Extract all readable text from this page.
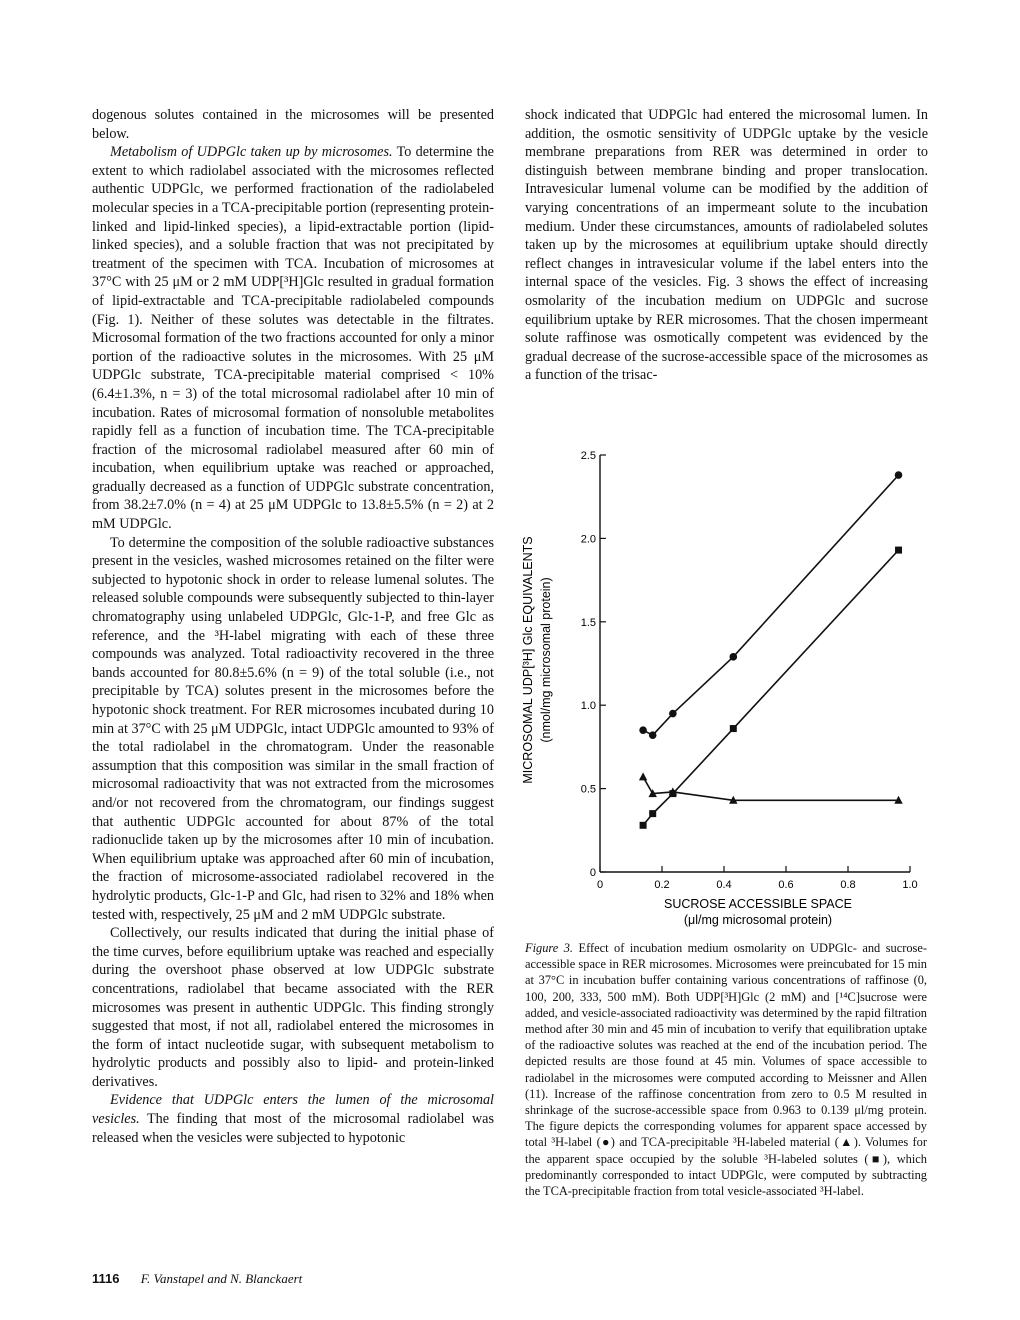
dogenous solutes contained in the microsomes will be presented below.

Metabolism of UDPGlc taken up by microsomes. To determine the extent to which radiolabel associated with the microsomes reflected authentic UDPGlc, we performed fractionation of the radiolabeled molecular species in a TCA-precipitable portion (representing protein-linked and lipid-linked species), a lipid-extractable portion (lipid-linked species), and a soluble fraction that was not precipitated by treatment of the specimen with TCA. Incubation of microsomes at 37°C with 25 μM or 2 mM UDP[³H]Glc resulted in gradual formation of lipid-extractable and TCA-precipitable radiolabeled compounds (Fig. 1). Neither of these solutes was detectable in the filtrates. Microsomal formation of the two fractions accounted for only a minor portion of the radioactive solutes in the microsomes. With 25 μM UDPGlc substrate, TCA-precipitable material comprised < 10% (6.4±1.3%, n = 3) of the total microsomal radiolabel after 10 min of incubation. Rates of microsomal formation of nonsoluble metabolites rapidly fell as a function of incubation time. The TCA-precipitable fraction of the microsomal radiolabel measured after 60 min of incubation, when equilibrium uptake was reached or approached, gradually decreased as a function of UDPGlc substrate concentration, from 38.2±7.0% (n = 4) at 25 μM UDPGlc to 13.8±5.5% (n = 2) at 2 mM UDPGlc.

To determine the composition of the soluble radioactive substances present in the vesicles, washed microsomes retained on the filter were subjected to hypotonic shock in order to release lumenal solutes. The released soluble compounds were subsequently subjected to thin-layer chromatography using unlabeled UDPGlc, Glc-1-P, and free Glc as reference, and the ³H-label migrating with each of these three compounds was analyzed. Total radioactivity recovered in the three bands accounted for 80.8±5.6% (n = 9) of the total soluble (i.e., not precipitable by TCA) solutes present in the microsomes before the hypotonic shock treatment. For RER microsomes incubated during 10 min at 37°C with 25 μM UDPGlc, intact UDPGlc amounted to 93% of the total radiolabel in the chromatogram. Under the reasonable assumption that this composition was similar in the small fraction of microsomal radioactivity that was not extracted from the microsomes and/or not recovered from the chromatogram, our findings suggest that authentic UDPGlc accounted for about 87% of the total radionuclide taken up by the microsomes after 10 min of incubation. When equilibrium uptake was approached after 60 min of incubation, the fraction of microsome-associated radiolabel recovered in the hydrolytic products, Glc-1-P and Glc, had risen to 32% and 18% when tested with, respectively, 25 μM and 2 mM UDPGlc substrate.

Collectively, our results indicated that during the initial phase of the time curves, before equilibrium uptake was reached and especially during the overshoot phase observed at low UDPGlc substrate concentrations, radiolabel that became associated with the RER microsomes was present in authentic UDPGlc. This finding strongly suggested that most, if not all, radiolabel entered the microsomes in the form of intact nucleotide sugar, with subsequent metabolism to hydrolytic products and possibly also to lipid- and protein-linked derivatives.

Evidence that UDPGlc enters the lumen of the microsomal vesicles. The finding that most of the microsomal radiolabel was released when the vesicles were subjected to hypotonic

shock indicated that UDPGlc had entered the microsomal lumen. In addition, the osmotic sensitivity of UDPGlc uptake by the vesicle membrane preparations from RER was determined in order to distinguish between membrane binding and proper translocation. Intravesicular lumenal volume can be modified by the addition of varying concentrations of an impermeant solute to the incubation medium. Under these circumstances, amounts of radiolabeled solutes taken up by the microsomes at equilibrium uptake should directly reflect changes in intravesicular volume if the label enters into the internal space of the vesicles. Fig. 3 shows the effect of increasing osmolarity of the incubation medium on UDPGlc and sucrose equilibrium uptake by RER microsomes. That the chosen impermeant solute raffinose was osmotically competent was evidenced by the gradual decrease of the sucrose-accessible space of the microsomes as a function of the trisac-

0
0.5
1.0
1.5
2.0
2.5
0	0.2	0.4	0.6	0.8	1.0
MICROSOMAL UDP[³H] Glc EQUIVALENTS (nmol/mg microsomal protein)
SUCROSE ACCESSIBLE SPACE
(μl/mg microsomal protein)
Figure 3. Effect of incubation medium osmolarity on UDPGlc- and sucrose-accessible space in RER microsomes. Microsomes were preincubated for 15 min at 37°C in incubation buffer containing various concentrations of raffinose (0, 100, 200, 333, 500 mM). Both UDP[³H]Glc (2 mM) and [¹⁴C]sucrose were added, and vesicle-associated radioactivity was determined by the rapid filtration method after 30 min and 45 min of incubation to verify that equilibration uptake of the radioactive solutes was reached at the end of the incubation period. The depicted results are those found at 45 min. Volumes of space accessible to radiolabel in the microsomes were computed according to Meissner and Allen (11). Increase of the raffinose concentration from zero to 0.5 M resulted in shrinkage of the sucrose-accessible space from 0.963 to 0.139 μl/mg protein. The figure depicts the corresponding volumes for apparent space accessed by total ³H-label (●) and TCA-precipitable ³H-labeled material (▲). Volumes for the apparent space occupied by the soluble ³H-labeled solutes (■), which predominantly corresponded to intact UDPGlc, were computed by subtracting the TCA-precipitable fraction from total vesicle-associated ³H-label.
1116 F. Vanstapel and N. Blanckaert
